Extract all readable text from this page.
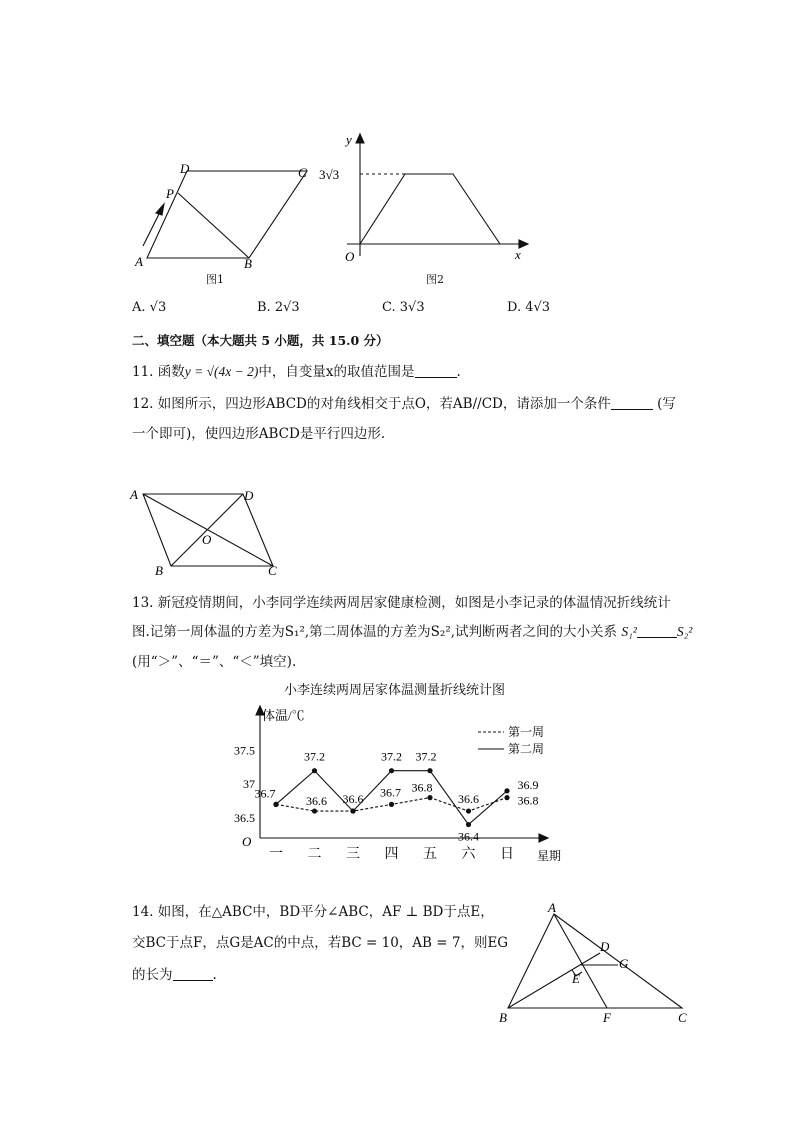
A	B
C
D
P
图1
y
x
O
3√3
图2
A. √3	B. 2√3	C. 3√3	D. 4√3
二、填空题（本大题共 5 小题，共 15.0 分）
11. 函数y = √(4x − 2)中，自变量x的取值范围是	.
12. 如图所示，四边形ABCD的对角线相交于点O，若AB//CD，请添加一个条件	(写
一个即可)，使四边形ABCD是平行四边形.
A	D
B	C
O
13. 新冠疫情期间，小李同学连续两周居家健康检测，如图是小李记录的体温情况折线统计
图.记第一周体温的方差为S₁²,第二周体温的方差为S₂²,试判断两者之间的大小关系 S₁²	S₂²
(用“＞”、“＝”、“＜”填空).
小李连续两周居家体温测量折线统计图
体温/℃
星期
O
第一周
第二周
37.5
37
36.5
一 二 三 四 五 六 日
36.7
37.2
36.6
37.2 37.2
36.9
36.6
36.7 36.8
36.6	36.8
36.4
14. 如图，在△ABC中，BD平分∠ABC，AF ⊥ BD于点E，
交BC于点F，点G是AC的中点，若BC = 10，AB = 7，则EG
的长为	.
A
B	C
D
E
F
G
